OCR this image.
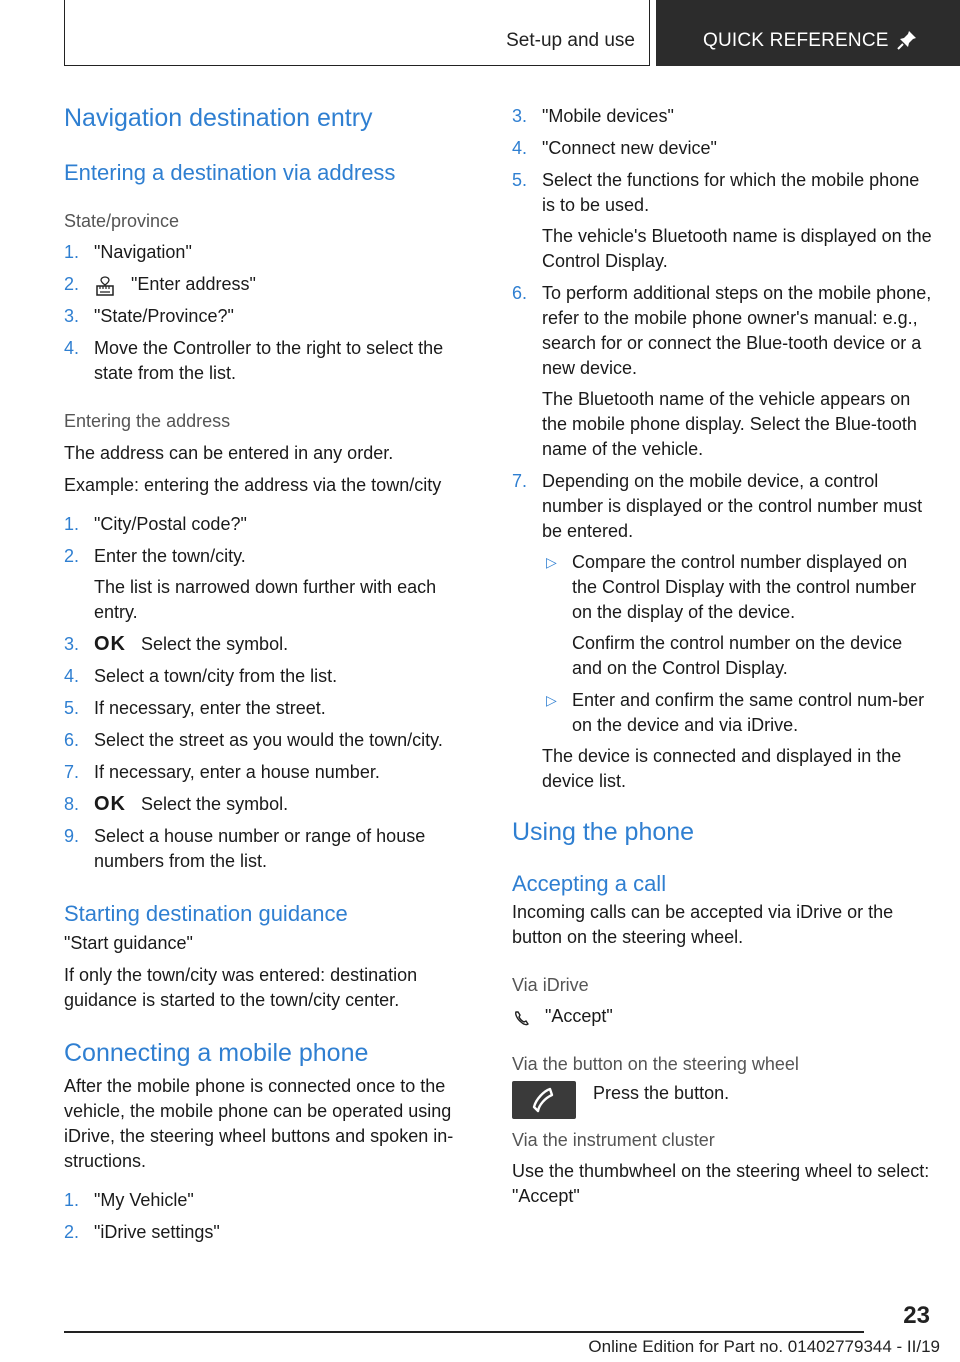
Set-up and use	QUICK REFERENCE
Navigation destination entry
Entering a destination via address
State/province
1. "Navigation"
2.	"Enter address"
3. "State/Province?"
4. Move the Controller to the right to select the state from the list.
Entering the address
The address can be entered in any order.
Example: entering the address via the town/city
1. "City/Postal code?"
2. Enter the town/city.
The list is narrowed down further with each entry.
3. OK Select the symbol.
4. Select a town/city from the list.
5. If necessary, enter the street.
6. Select the street as you would the town/city.
7. If necessary, enter a house number.
8. OK Select the symbol.
9. Select a house number or range of house numbers from the list.
Starting destination guidance
"Start guidance"
If only the town/city was entered: destination guidance is started to the town/city center.
Connecting a mobile phone
After the mobile phone is connected once to the vehicle, the mobile phone can be operated using iDrive, the steering wheel buttons and spoken in-structions.
1. "My Vehicle"
2. "iDrive settings"
3. "Mobile devices"
4. "Connect new device"
5. Select the functions for which the mobile phone is to be used.
The vehicle's Bluetooth name is displayed on the Control Display.
6. To perform additional steps on the mobile phone, refer to the mobile phone owner's manual: e.g., search for or connect the Blue-tooth device or a new device.
The Bluetooth name of the vehicle appears on the mobile phone display. Select the Blue-tooth name of the vehicle.
7. Depending on the mobile device, a control number is displayed or the control number must be entered.
▷ Compare the control number displayed on the Control Display with the control number on the display of the device.
Confirm the control number on the device and on the Control Display.
▷ Enter and confirm the same control num-ber on the device and via iDrive.
The device is connected and displayed in the device list.
Using the phone
Accepting a call
Incoming calls can be accepted via iDrive or the button on the steering wheel.
Via iDrive
"Accept"
Via the button on the steering wheel
Press the button.
Via the instrument cluster
Use the thumbwheel on the steering wheel to select: "Accept"
23
Online Edition for Part no. 01402779344 - II/19
